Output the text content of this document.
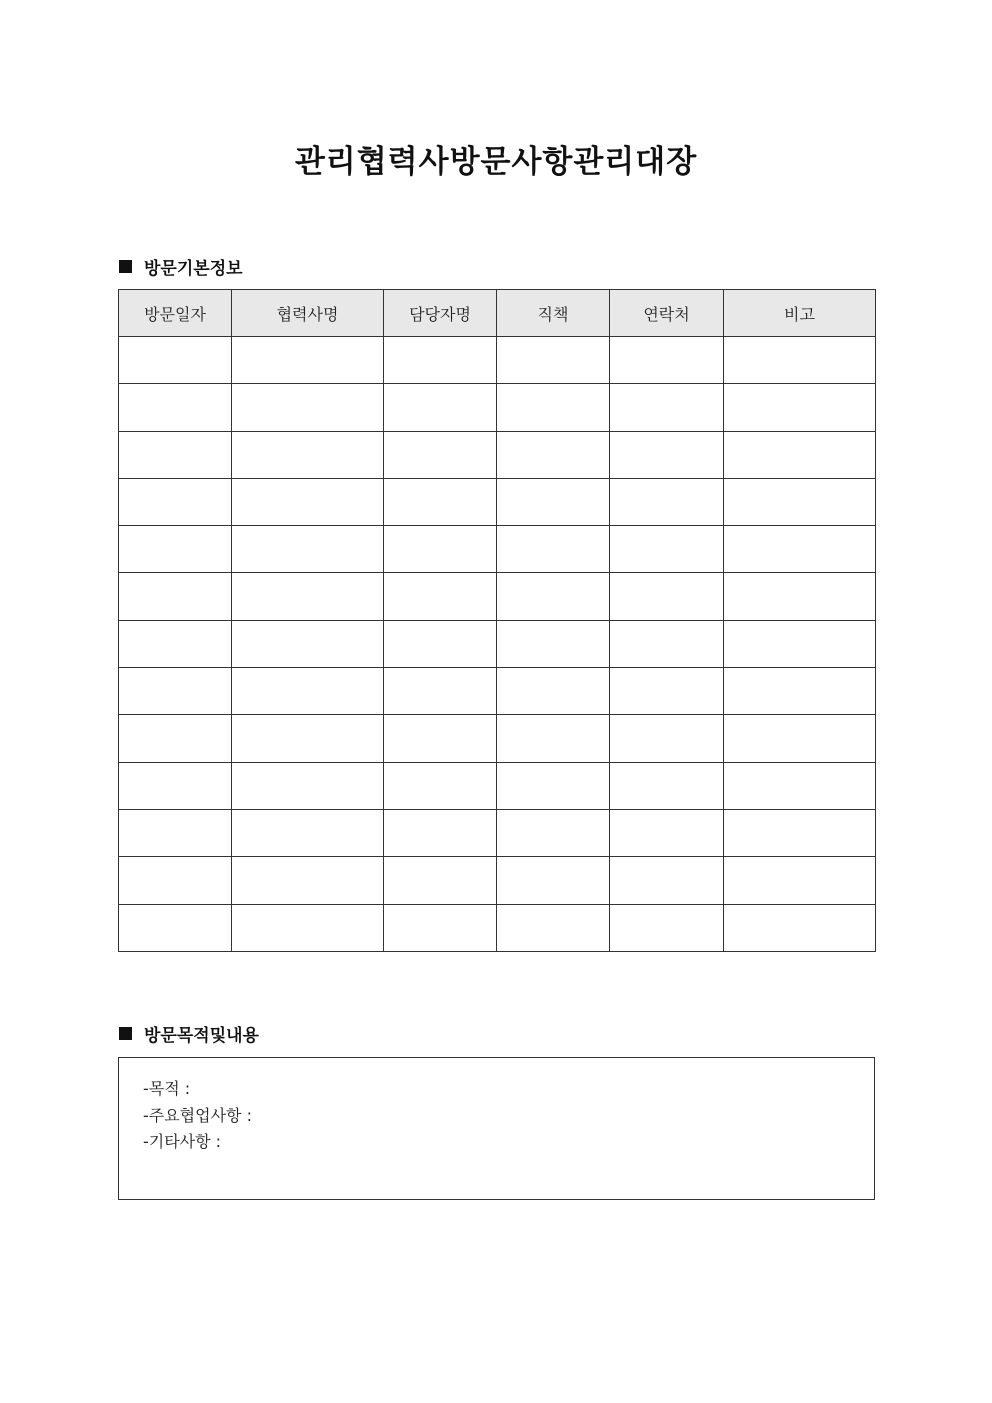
관리협력사방문사항관리대장
방문기본정보
방문일자	협력사명	담당자명	직책	연락처	비고

방문목적및내용
-목적 :
-주요협업사항 :
-기타사항 :
